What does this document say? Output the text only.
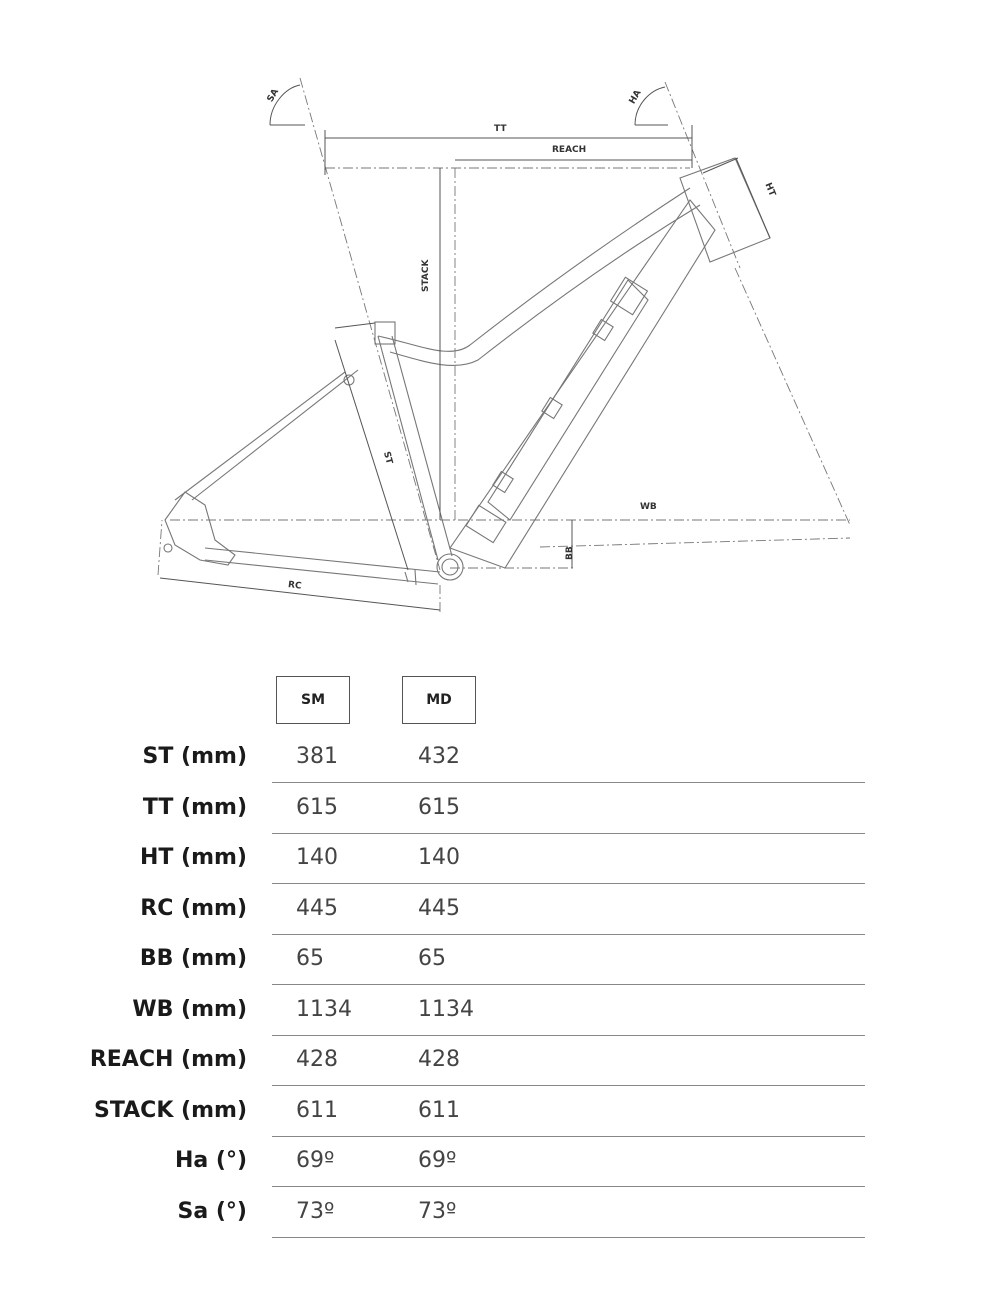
SA	HA
TT
REACH
HT
STACK
ST
WB
BB
RC
SM	MD
ST (mm) 381	432
TT (mm) 615	615
HT (mm) 140	140
RC (mm) 445	445
BB (mm) 65	65
WB (mm) 1134	1134
REACH (mm) 428	428
STACK (mm) 611	611
Ha (°) 69º	69º
Sa (°) 73º	73º
